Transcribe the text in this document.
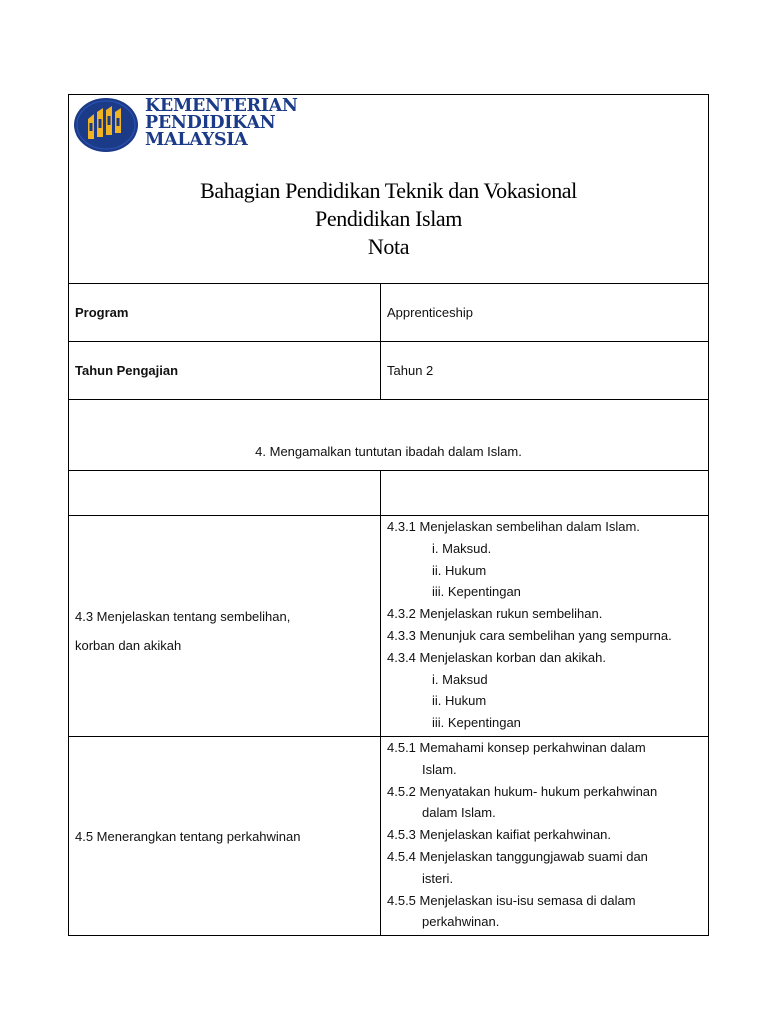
KEMENTERIAN
PENDIDIKAN
MALAYSIA
Bahagian Pendidikan Teknik dan Vokasional
Pendidikan Islam
Nota
Program	Apprenticeship
Tahun Pengajian	Tahun 2
4. Mengamalkan tuntutan ibadah dalam Islam.
4.3 Menjelaskan tentang sembelihan,
korban dan akikah
4.3.1 Menjelaskan sembelihan dalam Islam.
i. Maksud.
ii. Hukum
iii. Kepentingan
4.3.2 Menjelaskan rukun sembelihan.
4.3.3 Menunjuk cara sembelihan yang sempurna.
4.3.4 Menjelaskan korban dan akikah.
i. Maksud
ii. Hukum
iii. Kepentingan
4.5 Menerangkan tentang perkahwinan
4.5.1 Memahami konsep perkahwinan dalam
Islam.
4.5.2 Menyatakan hukum- hukum perkahwinan
dalam Islam.
4.5.3 Menjelaskan kaifiat perkahwinan.
4.5.4 Menjelaskan tanggungjawab suami dan
isteri.
4.5.5 Menjelaskan isu-isu semasa di dalam
perkahwinan.
